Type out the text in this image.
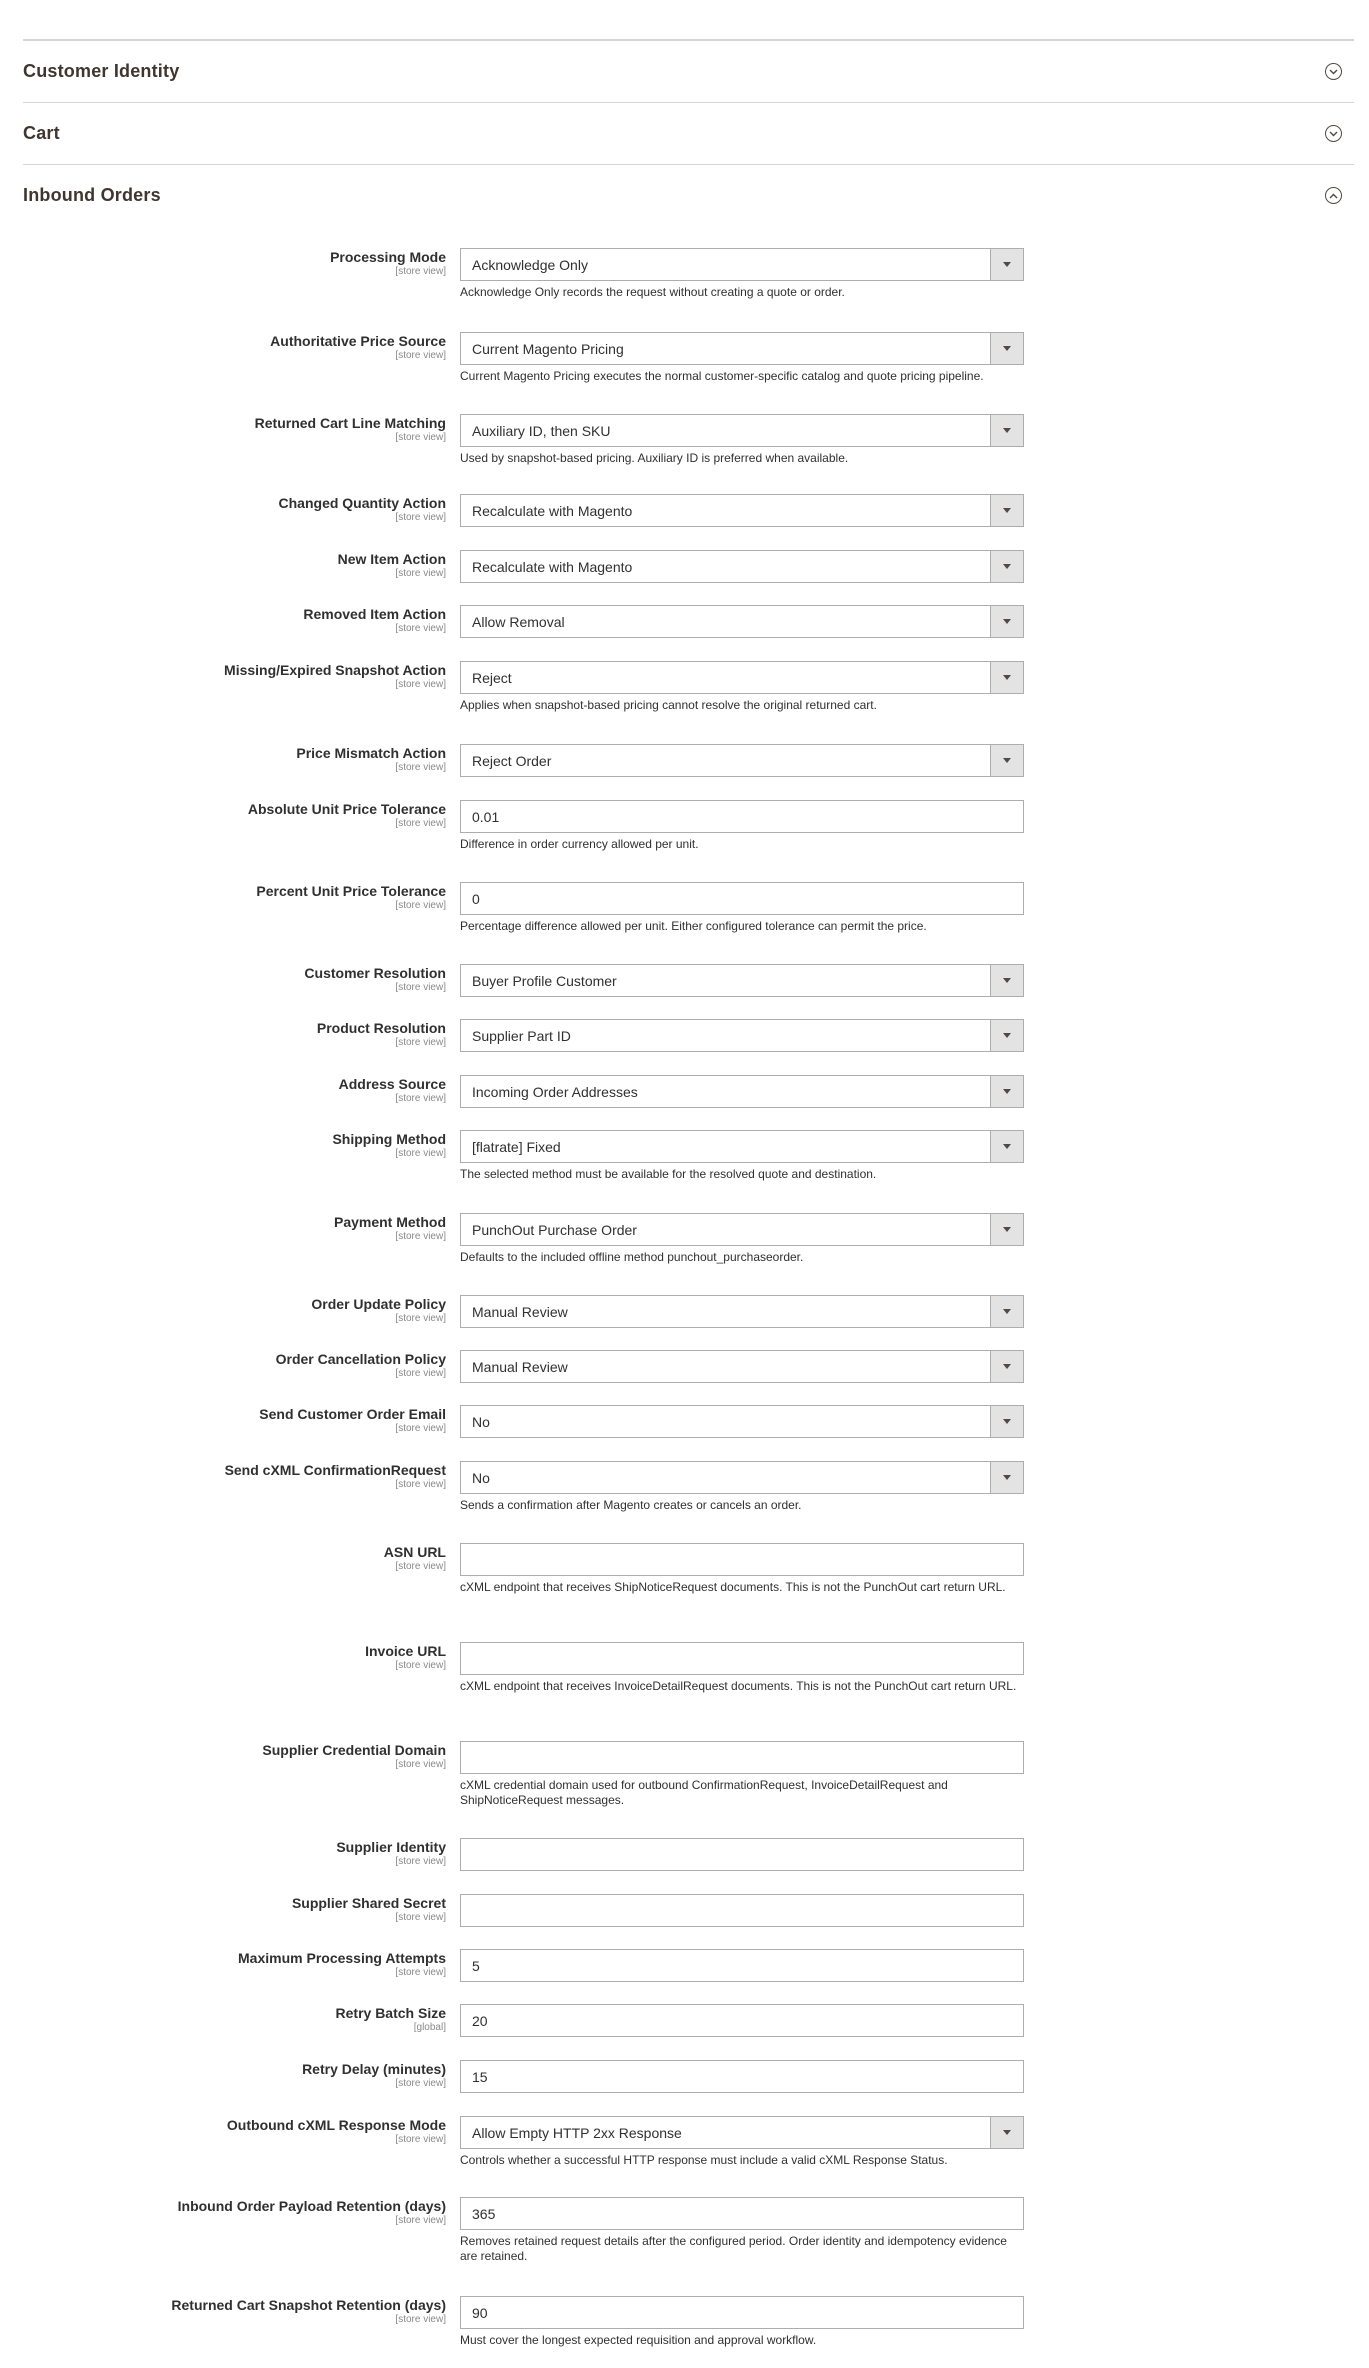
Customer Identity
Cart
Inbound Orders
Processing Mode
[store view] Acknowledge Only
Acknowledge Only records the request without creating a quote or order.
Authoritative Price Source
[store view] Current Magento Pricing
Current Magento Pricing executes the normal customer-specific catalog and quote pricing pipeline.
Returned Cart Line Matching
[store view] Auxiliary ID, then SKU
Used by snapshot-based pricing. Auxiliary ID is preferred when available.
Changed Quantity Action
[store view] Recalculate with Magento
New Item Action
[store view] Recalculate with Magento
Removed Item Action
[store view] Allow Removal
Missing/Expired Snapshot Action
[store view] Reject
Applies when snapshot-based pricing cannot resolve the original returned cart.
Price Mismatch Action
[store view] Reject Order
Absolute Unit Price Tolerance
[store view] 0.01
Difference in order currency allowed per unit.
Percent Unit Price Tolerance
[store view] 0
Percentage difference allowed per unit. Either configured tolerance can permit the price.
Customer Resolution
[store view] Buyer Profile Customer
Product Resolution
[store view] Supplier Part ID
Address Source
[store view] Incoming Order Addresses
Shipping Method
[store view] [flatrate] Fixed
The selected method must be available for the resolved quote and destination.
Payment Method
[store view] PunchOut Purchase Order
Defaults to the included offline method punchout_purchaseorder.
Order Update Policy
[store view] Manual Review
Order Cancellation Policy
[store view] Manual Review
Send Customer Order Email
[store view] No
Send cXML ConfirmationRequest
[store view] No
Sends a confirmation after Magento creates or cancels an order.
ASN URL
[store view]
cXML endpoint that receives ShipNoticeRequest documents. This is not the PunchOut cart return URL.
Invoice URL
[store view]
cXML endpoint that receives InvoiceDetailRequest documents. This is not the PunchOut cart return URL.
Supplier Credential Domain
[store view]
cXML credential domain used for outbound ConfirmationRequest, InvoiceDetailRequest and ShipNoticeRequest messages.
Supplier Identity
[store view]
Supplier Shared Secret
[store view]
Maximum Processing Attempts
[store view] 5
Retry Batch Size
[global] 20
Retry Delay (minutes)
[store view] 15
Outbound cXML Response Mode
[store view] Allow Empty HTTP 2xx Response
Controls whether a successful HTTP response must include a valid cXML Response Status.
Inbound Order Payload Retention (days)
[store view] 365
Removes retained request details after the configured period. Order identity and idempotency evidence are retained.
Returned Cart Snapshot Retention (days)
[store view] 90
Must cover the longest expected requisition and approval workflow.
